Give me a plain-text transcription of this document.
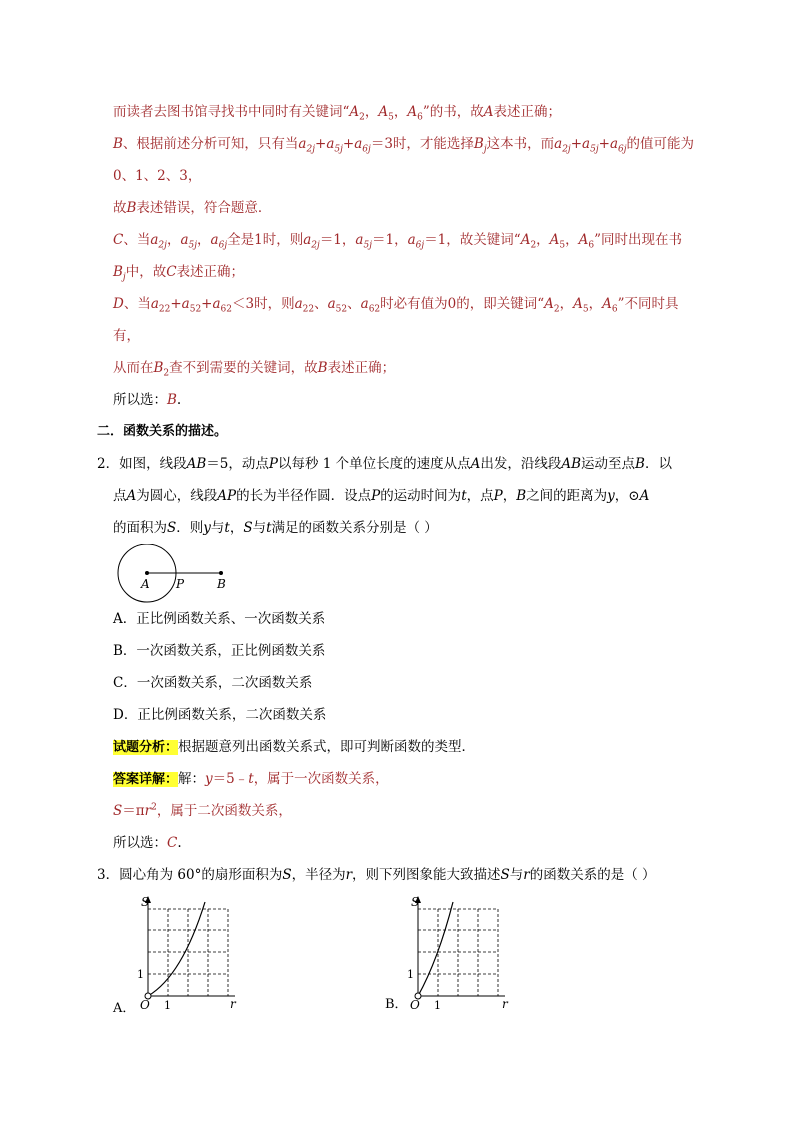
而读者去图书馆寻找书中同时有关键词“$A_2$，$A_5$，$A_6$”的书，故A表述正确；
B、根据前述分析可知，只有当$a_{2j}+a_{5j}+a_{6j}=3$时，才能选择$B_j$这本书，而$a_{2j}+a_{5j}+a_{6j}$的值可能为
0、1、2、3，
故B表述错误，符合题意．
C、当$a_{2j}$，$a_{5j}$，$a_{6j}$全是1时，则$a_{2j}=1$，$a_{5j}=1$，$a_{6j}=1$，故关键词“$A_2$，$A_5$，$A_6$”同时出现在书
$B_j$中，故C表述正确；
D、当$a_{22}+a_{52}+a_{62}<3$时，则$a_{22}$、$a_{52}$、$a_{62}$时必有值为0的，即关键词“$A_2$，$A_5$，$A_6$”不同时具
有，
从而在$B_2$查不到需要的关键词，故B表述正确；
所以选：B.
二．函数关系的描述。
2．如图，线段AB＝5，动点P以每秒 1 个单位长度的速度从点A出发，沿线段AB运动至点B．以
点A为圆心，线段AP的长为半径作圆．设点P的运动时间为t，点P，B之间的距离为y，⊙A
的面积为S．则y与t，S与t满足的函数关系分别是（ ）
A P	B
A．正比例函数关系、一次函数关系
B．一次函数关系，正比例函数关系
C．一次函数关系，二次函数关系
D．正比例函数关系，二次函数关系
试题分析：根据题意列出函数关系式，即可判断函数的类型．
答案详解：解：y＝5﹣t，属于一次函数关系，
$S=\pi r^2$，属于二次函数关系，
所以选：C.
3．圆心角为 60°的扇形面积为S，半径为r，则下列图象能大致描述S与r的函数关系的是（ ）
S
r
O 1
1
A．
S
r
O 1
1
B．
